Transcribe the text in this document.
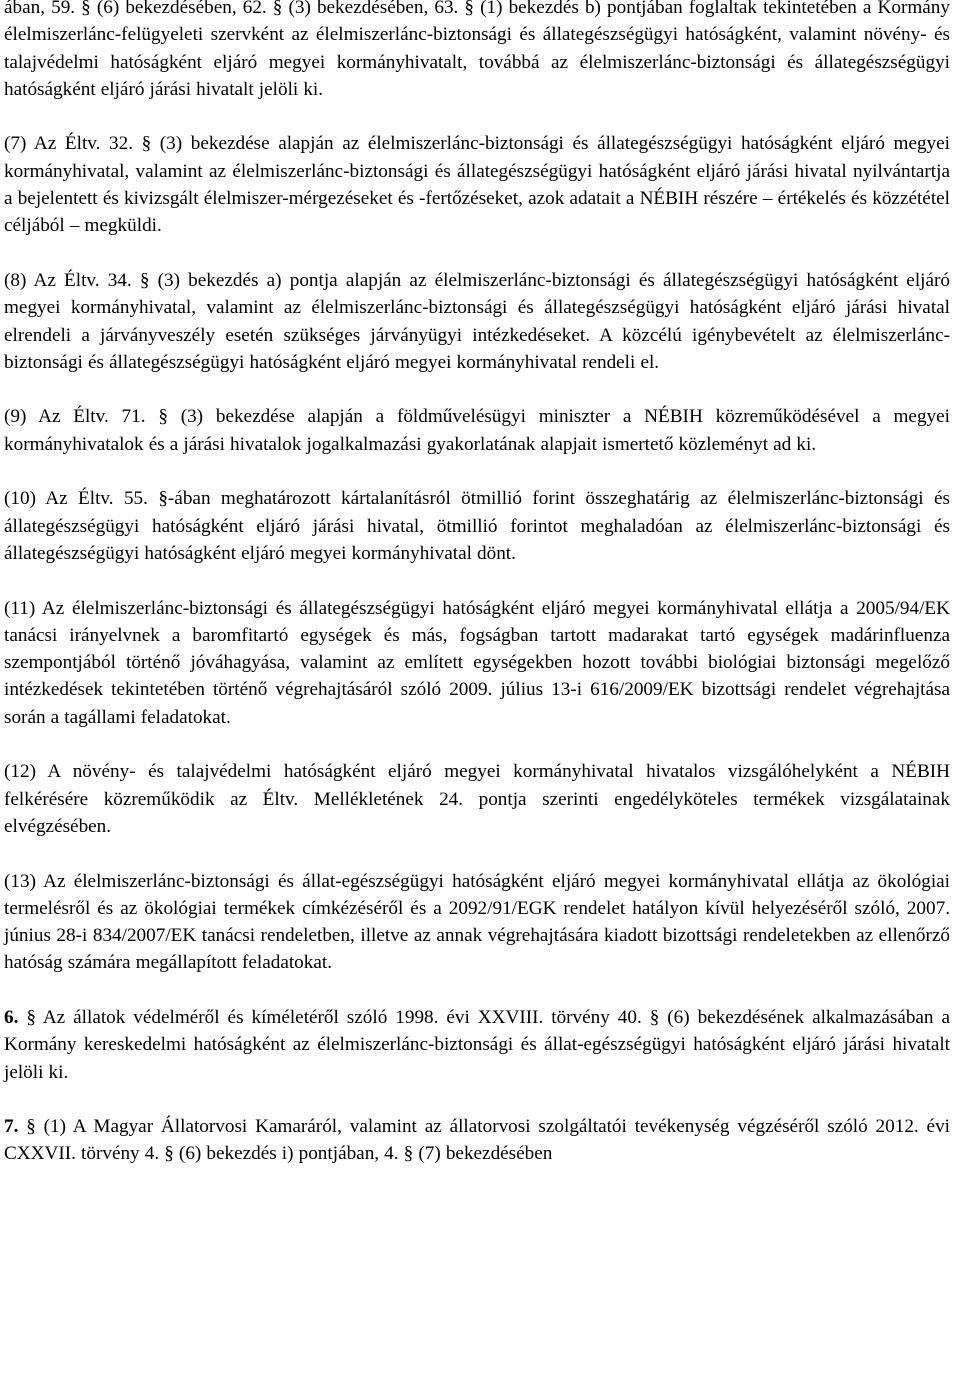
ában, 59. § (6) bekezdésében, 62. § (3) bekezdésében, 63. § (1) bekezdés b) pontjában foglaltak tekintetében a Kormány élelmiszerlánc-felügyeleti szervként az élelmiszerlánc-biztonsági és állategészségügyi hatóságként, valamint növény- és talajvédelmi hatóságként eljáró megyei kormányhivatalt, továbbá az élelmiszerlánc-biztonsági és állategészségügyi hatóságként eljáró járási hivatalt jelöli ki.

(7) Az Éltv. 32. § (3) bekezdése alapján az élelmiszerlánc-biztonsági és állategészségügyi hatóságként eljáró megyei kormányhivatal, valamint az élelmiszerlánc-biztonsági és állategészségügyi hatóságként eljáró járási hivatal nyilvántartja a bejelentett és kivizsgált élelmiszer-mérgezéseket és -fertőzéseket, azok adatait a NÉBIH részére – értékelés és közzététel céljából – megküldi.

(8) Az Éltv. 34. § (3) bekezdés a) pontja alapján az élelmiszerlánc-biztonsági és állategészségügyi hatóságként eljáró megyei kormányhivatal, valamint az élelmiszerlánc-biztonsági és állategészségügyi hatóságként eljáró járási hivatal elrendeli a járványveszély esetén szükséges járványügyi intézkedéseket. A közcélú igénybevételt az élelmiszerlánc-biztonsági és állategészségügyi hatóságként eljáró megyei kormányhivatal rendeli el.

(9) Az Éltv. 71. § (3) bekezdése alapján a földművelésügyi miniszter a NÉBIH közreműködésével a megyei kormányhivatalok és a járási hivatalok jogalkalmazási gyakorlatának alapjait ismertető közleményt ad ki.

(10) Az Éltv. 55. §-ában meghatározott kártalanításról ötmillió forint összeghatárig az élelmiszerlánc-biztonsági és állategészségügyi hatóságként eljáró járási hivatal, ötmillió forintot meghaladóan az élelmiszerlánc-biztonsági és állategészségügyi hatóságként eljáró megyei kormányhivatal dönt.

(11) Az élelmiszerlánc-biztonsági és állategészségügyi hatóságként eljáró megyei kormányhivatal ellátja a 2005/94/EK tanácsi irányelvnek a baromfitartó egységek és más, fogságban tartott madarakat tartó egységek madárinfluenza szempontjából történő jóváhagyása, valamint az említett egységekben hozott további biológiai biztonsági megelőző intézkedések tekintetében történő végrehajtásáról szóló 2009. július 13-i 616/2009/EK bizottsági rendelet végrehajtása során a tagállami feladatokat.

(12) A növény- és talajvédelmi hatóságként eljáró megyei kormányhivatal hivatalos vizsgálóhelyként a NÉBIH felkérésére közreműködik az Éltv. Mellékletének 24. pontja szerinti engedélyköteles termékek vizsgálatainak elvégzésében.

(13) Az élelmiszerlánc-biztonsági és állat-egészségügyi hatóságként eljáró megyei kormányhivatal ellátja az ökológiai termelésről és az ökológiai termékek címkézéséről és a 2092/91/EGK rendelet hatályon kívül helyezéséről szóló, 2007. június 28-i 834/2007/EK tanácsi rendeletben, illetve az annak végrehajtására kiadott bizottsági rendeletekben az ellenőrző hatóság számára megállapított feladatokat.

6. § Az állatok védelméről és kíméletéről szóló 1998. évi XXVIII. törvény 40. § (6) bekezdésének alkalmazásában a Kormány kereskedelmi hatóságként az élelmiszerlánc-biztonsági és állat-egészségügyi hatóságként eljáró járási hivatalt jelöli ki.

7. § (1) A Magyar Állatorvosi Kamaráról, valamint az állatorvosi szolgáltatói tevékenység végzéséről szóló 2012. évi CXXVII. törvény 4. § (6) bekezdés i) pontjában, 4. § (7) bekezdésében
